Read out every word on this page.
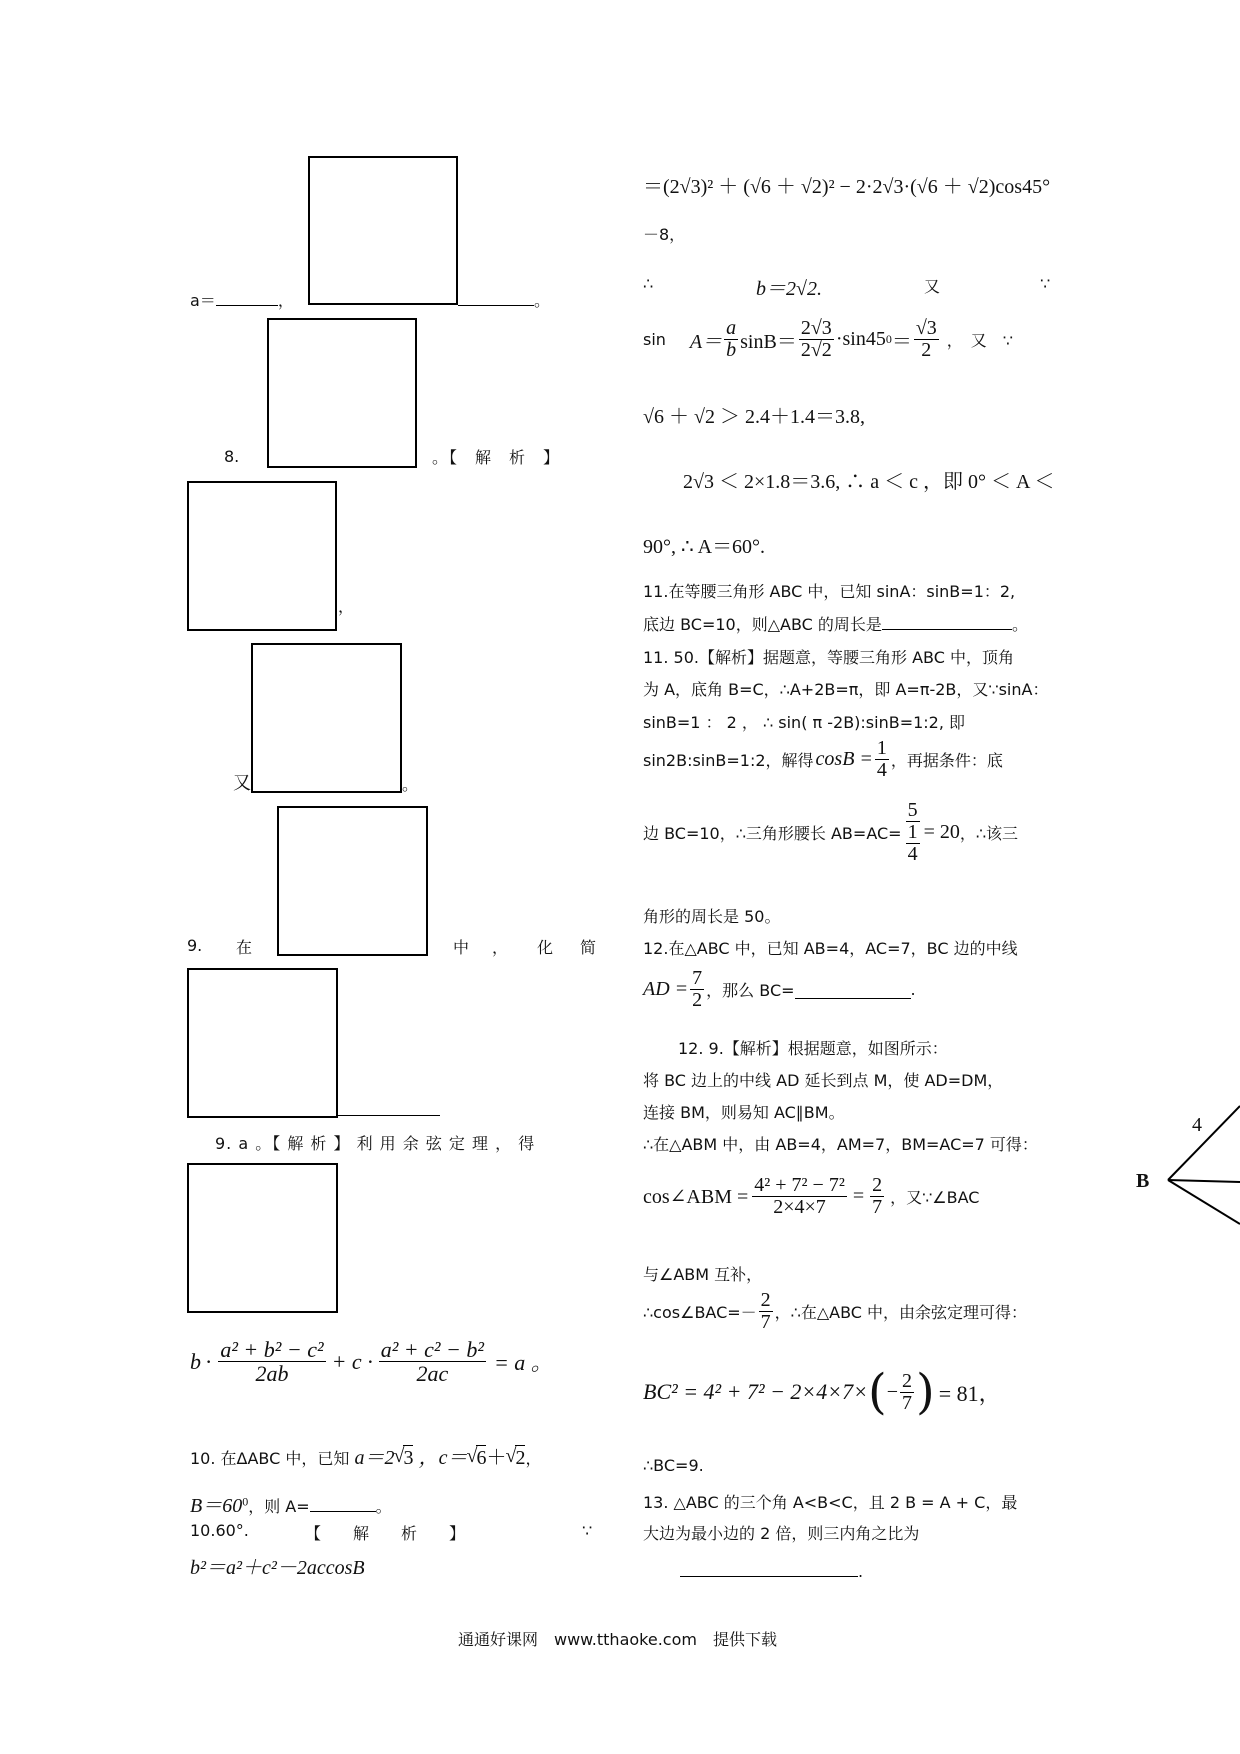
a＝	，	。
8.	。【　解　析　】
，
又	。
9. 在	中 ， 化 简
9. a 。【 解 析 】 利 用 余 弦 定 理 ， 得
$b \cdot \frac{\text{a² + b² − c²}}{2ab} + c \cdot \frac{\text{a² + c² − b²}}{2ac} = a$ 。
10. 在ΔABC 中，已知 a＝2 √ 3 ，c＝ √ 6＋ √ 2，
$B=60^0$，则 A=	。
10.60°.	【　　解　　析　　】	∵
b²＝a²＋c²－2accosB
＝(2√3)² ＋ (√6 ＋ √2)² − 2·2√3·(√6 ＋ √2)cos45°
－8，
∴	b＝2√2.	又	∵
$\sin A= \frac{a}{b} \sin B= \frac{2√3}{2√2} \cdot\sin 45$ $0 = \frac{√3}{2}$ ，　又　∵
√6 ＋ √2 ＞ 2.4＋1.4＝3.8,
2√3 ＜ 2×1.8＝3.6, ∴ a ＜ c ，即 0° ＜ A ＜
90°, ∴ A＝60°.
11.在等腰三角形 ABC 中，已知 sinA：sinB=1：2,
底边 BC=10，则△ABC 的周长是	。
11. 50.【解析】据题意，等腰三角形 ABC 中，顶角
为 A，底角 B=C，∴A+2B=π，即 A=π-2B，又∵sinA：
sinB=1 ： 2 ， ∴ sin( π -2B):sinB=1:2, 即
sin2B:sinB=1:2，解得 $\cos B = \frac{1}{4}$ ，再据条件：底
边 BC=10，∴三角形腰长 $AB=AC= \frac{5}{\frac{1}{4}} = 20$ ，∴该三
角形的周长是 50。
12.在△ABC 中，已知 AB=4，AC=7，BC 边的中线
AD = $\frac{7}{2}$ ，那么 BC=	.
12. 9.【解析】根据题意，如图所示：
将 BC 边上的中线 AD 延长到点 M，使 AD=DM，
连接 BM，则易知 AC∥BM。
∴在△ABM 中，由 AB=4，AM=7，BM=AC=7 可得：
cos∠ABM = $\frac{\text{4² + 7² − 7²}}{2\times 4\times 7} = \frac{2}{7}$ ，又∵∠BAC
与∠ABM 互补，
∴cos∠BAC=－ $\frac{2}{7}$ ，∴在△ABC 中，由余弦定理可得：
BC² = 4² + 7² − 2×4×7× ( − $\frac{2}{7}$ ) = 81，
∴BC=9.
13. △ABC 的三个角 A<B<C，且 2 B = A + C，最
大边为最小边的 2 倍，则三内角之比为
.
4
B
通通好课网　www.tthaoke.com　提供下载
